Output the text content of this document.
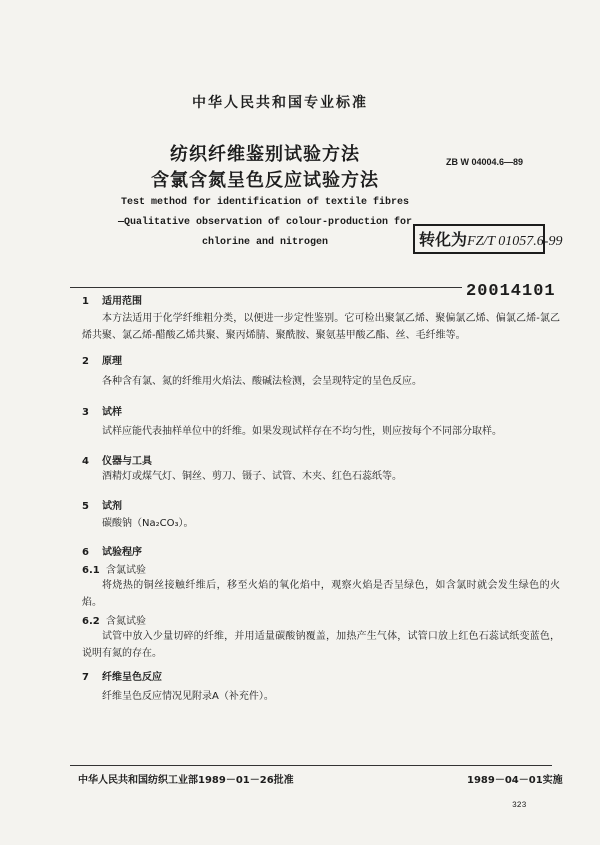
中华人民共和国专业标准
纺织纤维鉴别试验方法
含氯含氮呈色反应试验方法
ZB W 04004.6—89
Test method for identification of textile fibres
—Qualitative observation of colour-production for
chlorine and nitrogen	转化为FZ/T 01057.6-99
20014101
1 适用范围
本方法适用于化学纤维粗分类，以便进一步定性鉴别。它可检出聚氯乙烯、聚偏氯乙烯、偏氯乙烯-氯乙烯共聚、氯乙烯-醋酸乙烯共聚、聚丙烯腈、聚酰胺、聚氨基甲酸乙酯、丝、毛纤维等。
2 原理
各种含有氯、氮的纤维用火焰法、酸碱法检测，会呈现特定的呈色反应。
3 试样
试样应能代表抽样单位中的纤维。如果发现试样存在不均匀性，则应按每个不同部分取样。
4 仪器与工具
酒精灯或煤气灯、铜丝、剪刀、镊子、试管、木夹、红色石蕊纸等。
5 试剂
碳酸钠（Na₂CO₃）。
6 试验程序
6.1 含氯试验
将烧热的铜丝接触纤维后，移至火焰的氧化焰中，观察火焰是否呈绿色，如含氯时就会发生绿色的火焰。
6.2 含氮试验
试管中放入少量切碎的纤维，并用适量碳酸钠覆盖，加热产生气体，试管口放上红色石蕊试纸变蓝色，说明有氮的存在。
7 纤维呈色反应
纤维呈色反应情况见附录A（补充件）。
中华人民共和国纺织工业部1989－01－26批准	1989－04－01实施
323
